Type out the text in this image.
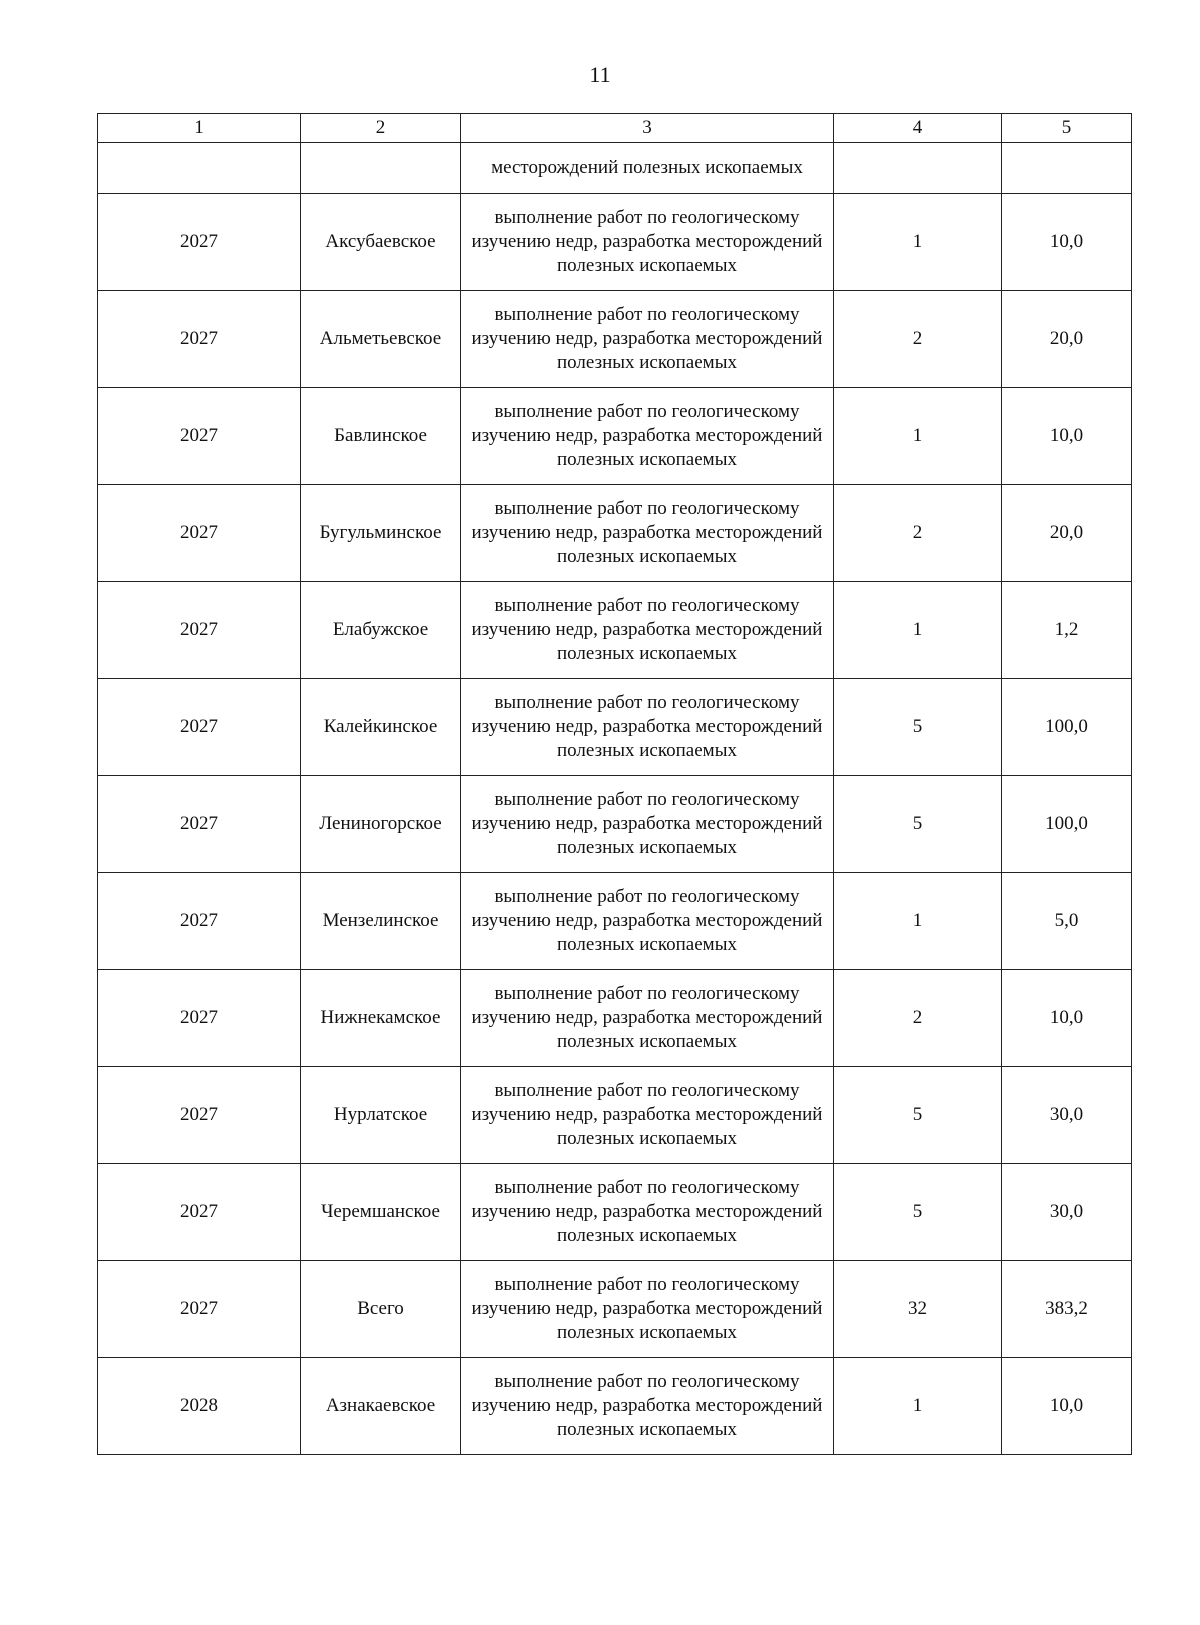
11
1	2	3	4	5
		месторождений полезных ископаемых		
2027	Аксубаевское	выполнение работ по геологическому изучению недр, разработка месторождений полезных ископаемых	1	10,0
2027	Альметьевское	выполнение работ по геологическому изучению недр, разработка месторождений полезных ископаемых	2	20,0
2027	Бавлинское	выполнение работ по геологическому изучению недр, разработка месторождений полезных ископаемых	1	10,0
2027	Бугульминское	выполнение работ по геологическому изучению недр, разработка месторождений полезных ископаемых	2	20,0
2027	Елабужское	выполнение работ по геологическому изучению недр, разработка месторождений полезных ископаемых	1	1,2
2027	Калейкинское	выполнение работ по геологическому изучению недр, разработка месторождений полезных ископаемых	5	100,0
2027	Лениногорское	выполнение работ по геологическому изучению недр, разработка месторождений полезных ископаемых	5	100,0
2027	Мензелинское	выполнение работ по геологическому изучению недр, разработка месторождений полезных ископаемых	1	5,0
2027	Нижнекамское	выполнение работ по геологическому изучению недр, разработка месторождений полезных ископаемых	2	10,0
2027	Нурлатское	выполнение работ по геологическому изучению недр, разработка месторождений полезных ископаемых	5	30,0
2027	Черемшанское	выполнение работ по геологическому изучению недр, разработка месторождений полезных ископаемых	5	30,0
2027	Всего	выполнение работ по геологическому изучению недр, разработка месторождений полезных ископаемых	32	383,2
2028	Азнакаевское	выполнение работ по геологическому изучению недр, разработка месторождений полезных ископаемых	1	10,0
